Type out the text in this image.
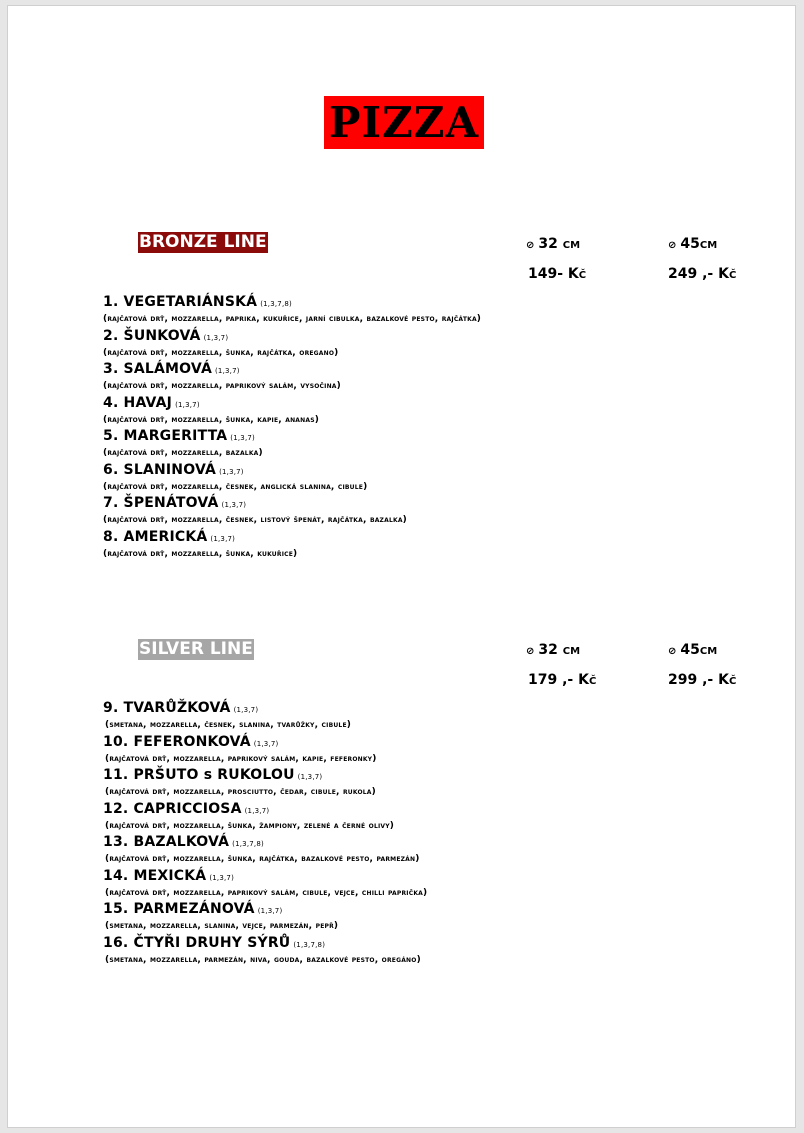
PIZZA
BRONZE LINE	⊘ 32 cm	⊘ 45cm
149- Kč	249 ,- Kč
1. VEGETARIÁNSKÁ (1,3,7,8)
(rajčatová drť, mozzarella, paprika, kukuřice, jarní cibulka, bazalkové pesto, rajčátka)
2. ŠUNKOVÁ (1,3,7)
(rajčatová drť, mozzarella, šunka, rajčátka, oregano)
3. SALÁMOVÁ (1,3,7)
(rajčatová drť, mozzarella, paprikový salám, vysočina)
4. HAVAJ (1,3,7)
(rajčatová drť, mozzarella, šunka, kapie, ananas)
5. MARGERITTA (1,3,7)
(rajčatová drť, mozzarella, bazalka)
6. SLANINOVÁ (1,3,7)
(rajčatová drť, mozzarella, česnek, anglická slanina, cibule)
7. ŠPENÁTOVÁ (1,3,7)
(rajčatová drť, mozzarella, česnek, listový špenát, rajčátka, bazalka)
8. AMERICKÁ (1,3,7)
(rajčatová drť, mozzarella, šunka, kukuřice)
SILVER LINE	⊘ 32 cm	⊘ 45cm
179 ,- Kč	299 ,- Kč
9. TVARŮŽKOVÁ (1,3,7)
(smetana, mozzarella, česnek, slanina, tvarůžky, cibule)
10. FEFERONKOVÁ (1,3,7)
(rajčatová drť, mozzarella, paprikový salám, kapie, feferonky)
11. PRŠUTO s RUKOLOU (1,3,7)
(rajčatová drť, mozzarella, prosciutto, čedar, cibule, rukola)
12. CAPRICCIOSA (1,3,7)
(rajčatová drť, mozzarella, šunka, žampiony, zelené a černé olivy)
13. BAZALKOVÁ (1,3,7,8)
(rajčatová drť, mozzarella, šunka, rajčátka, bazalkové pesto, parmezán)
14. MEXICKÁ (1,3,7)
(rajčatová drť, mozzarella, paprikový salám, cibule, vejce, chilli paprička)
15. PARMEZÁNOVÁ (1,3,7)
(smetana, mozzarella, slanina, vejce, parmezán, pepř)
16. ČTYŘI DRUHY SÝRŮ (1,3,7,8)
(smetana, mozzarella, parmezán, niva, gouda, bazalkové pesto, oregáno)
